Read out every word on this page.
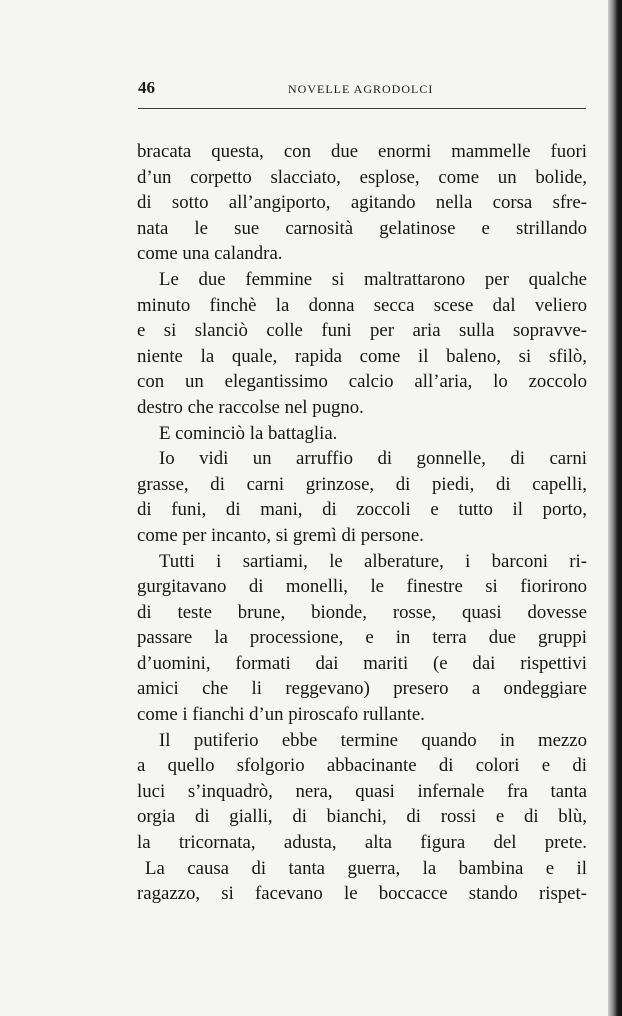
46	NOVELLE AGRODOLCI
bracata questa, con due enormi mammelle fuori
d’un corpetto slacciato, esplose, come un bolide,
di sotto all’angiporto, agitando nella corsa sfre-
nata le sue carnosità gelatinose e strillando
come una calandra.
Le due femmine si maltrattarono per qualche
minuto finchè la donna secca scese dal veliero
e si slanciò colle funi per aria sulla sopravve-
niente la quale, rapida come il baleno, si sfilò,
con un elegantissimo calcio all’aria, lo zoccolo
destro che raccolse nel pugno.
E cominciò la battaglia.
Io vidi un arruffio di gonnelle, di carni
grasse, di carni grinzose, di piedi, di capelli,
di funi, di mani, di zoccoli e tutto il porto,
come per incanto, si gremì di persone.
Tutti i sartiami, le alberature, i barconi ri-
gurgitavano di monelli, le finestre si fiorirono
di teste brune, bionde, rosse, quasi dovesse
passare la processione, e in terra due gruppi
d’uomini, formati dai mariti (e dai rispettivi
amici che li reggevano) presero a ondeggiare
come i fianchi d’un piroscafo rullante.
Il putiferio ebbe termine quando in mezzo
a quello sfolgorio abbacinante di colori e di
luci s’inquadrò, nera, quasi infernale fra tanta
orgia di gialli, di bianchi, di rossi e di blù,
la tricornata, adusta, alta figura del prete.
La causa di tanta guerra, la bambina e il
ragazzo, si facevano le boccacce stando rispet-
